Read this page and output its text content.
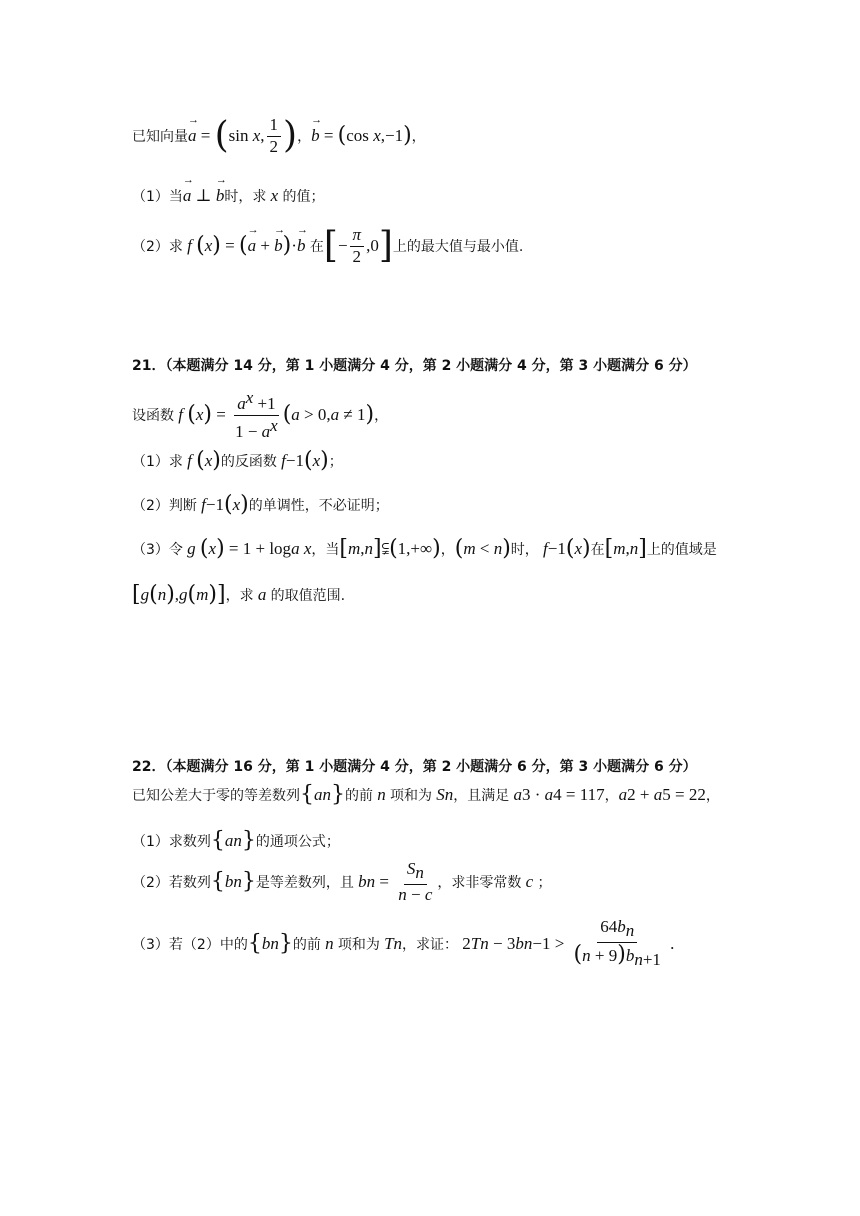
已知向量 → a = ( sin x , $\frac{1}{2}$ ) ， → b = ( cos x ,−1 ) ，
（1）当 → a ⊥ → b 时，求 x 的值；
（2）求 f ( x ) = ( → a + → b ) · → b 在 [ − $\frac{\pi}{2} ,0$ ] 上的最大值与最小值.
21．（本题满分 14 分，第 1 小题满分 4 分，第 2 小题满分 4 分，第 3 小题满分 6 分）
设函数 f ( x ) = $\frac{a^x +1}{1 - a^x}$ ( a > 0, a ≠ 1 ) ，
（1）求 f ( x ) 的反函数 f −1 ( x ) ；
（2）判断 f −1 ( x ) 的单调性，不必证明；
（3）令 g ( x ) = 1 + log a x ，当 [ m , n ] ⫋ ( 1,+∞ ) ， ( m < n ) 时， f −1 ( x ) 在 [ m , n ] 上的值域是
[ g ( n ) , g ( m ) ] ，求 a 的取值范围.
22．（本题满分 16 分，第 1 小题满分 4 分，第 2 小题满分 6 分，第 3 小题满分 6 分）
已知公差大于零的等差数列 { a n } 的前 n 项和为 S n ，且满足 a 3 · a 4 = 117 ， a 2 + a 5 = 22 ，
（1）求数列 { a n } 的通项公式；
（2）若数列 { b n } 是等差数列，且 b $n = \frac{S_n}{n - c}$ ，求非零常数 c ；
（3）若（2）中的 { b n } 的前 n 项和为 T n ，求证： 2 T n − 3 b $n-1 > \frac{64b_n}{(n + 9)b_{n+1}}$ .
